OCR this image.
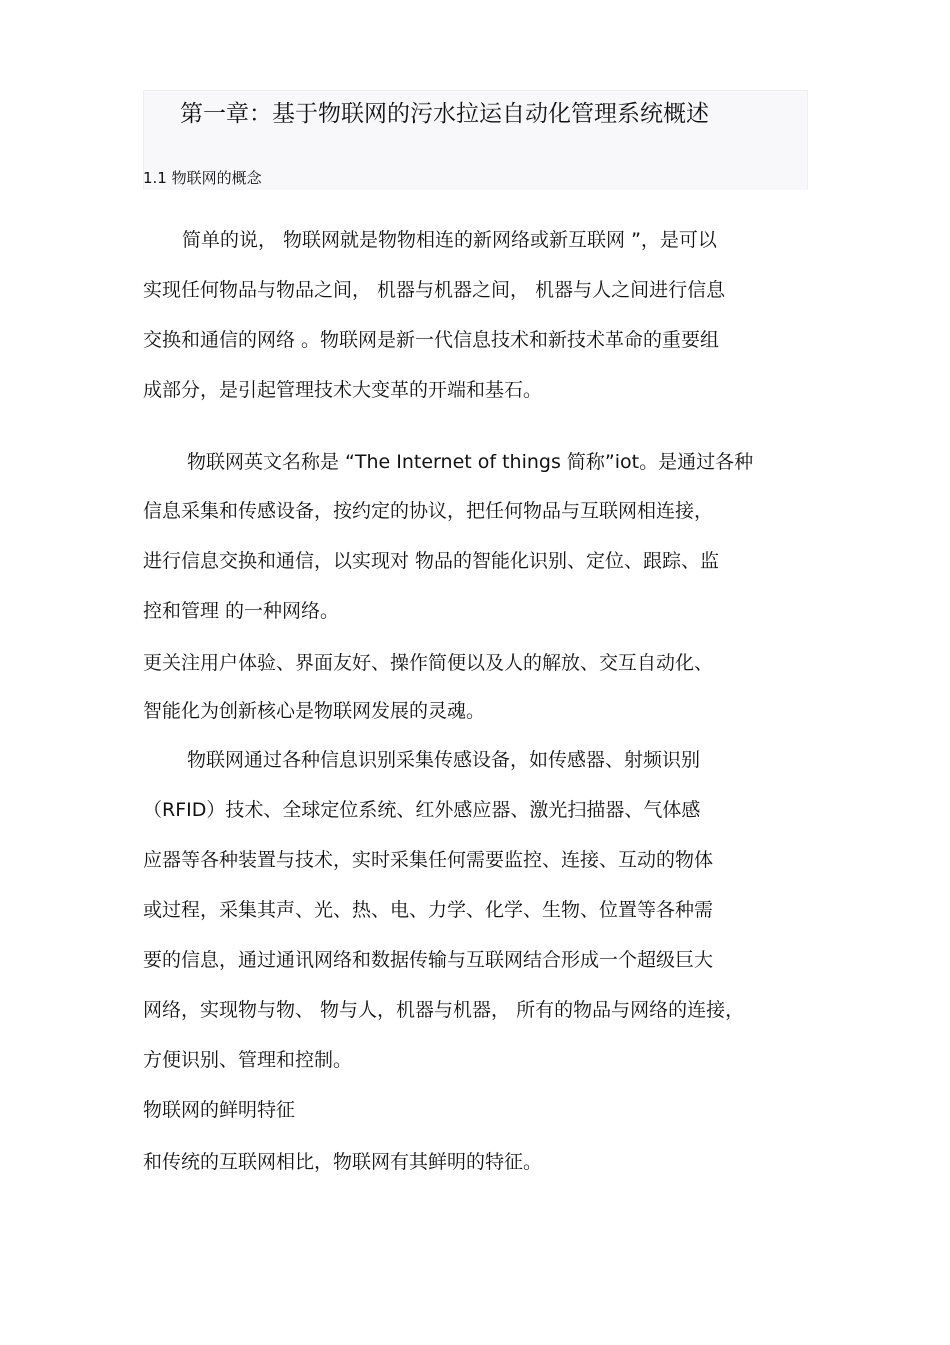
第一章：基于物联网的污水拉运自动化管理系统概述
1.1 物联网的概念
简单的说， 物联网就是物物相连的新网络或新互联网 ”，是可以
实现任何物品与物品之间， 机器与机器之间， 机器与人之间进行信息
交换和通信的网络 。物联网是新一代信息技术和新技术革命的重要组
成部分，是引起管理技术大变革的开端和基石。
物联网英文名称是 “The Internet of things 简称”iot。是通过各种
信息采集和传感设备，按约定的协议，把任何物品与互联网相连接，
进行信息交换和通信，以实现对 物品的智能化识别、定位、跟踪、监
控和管理 的一种网络。
更关注用户体验、界面友好、操作简便以及人的解放、交互自动化、
智能化为创新核心是物联网发展的灵魂。
物联网通过各种信息识别采集传感设备，如传感器、射频识别
（RFID）技术、全球定位系统、红外感应器、激光扫描器、气体感
应器等各种装置与技术，实时采集任何需要监控、连接、互动的物体
或过程，采集其声、光、热、电、力学、化学、生物、位置等各种需
要的信息，通过通讯网络和数据传输与互联网结合形成一个超级巨大
网络，实现物与物、 物与人，机器与机器， 所有的物品与网络的连接，
方便识别、管理和控制。
物联网的鲜明特征
和传统的互联网相比，物联网有其鲜明的特征。
